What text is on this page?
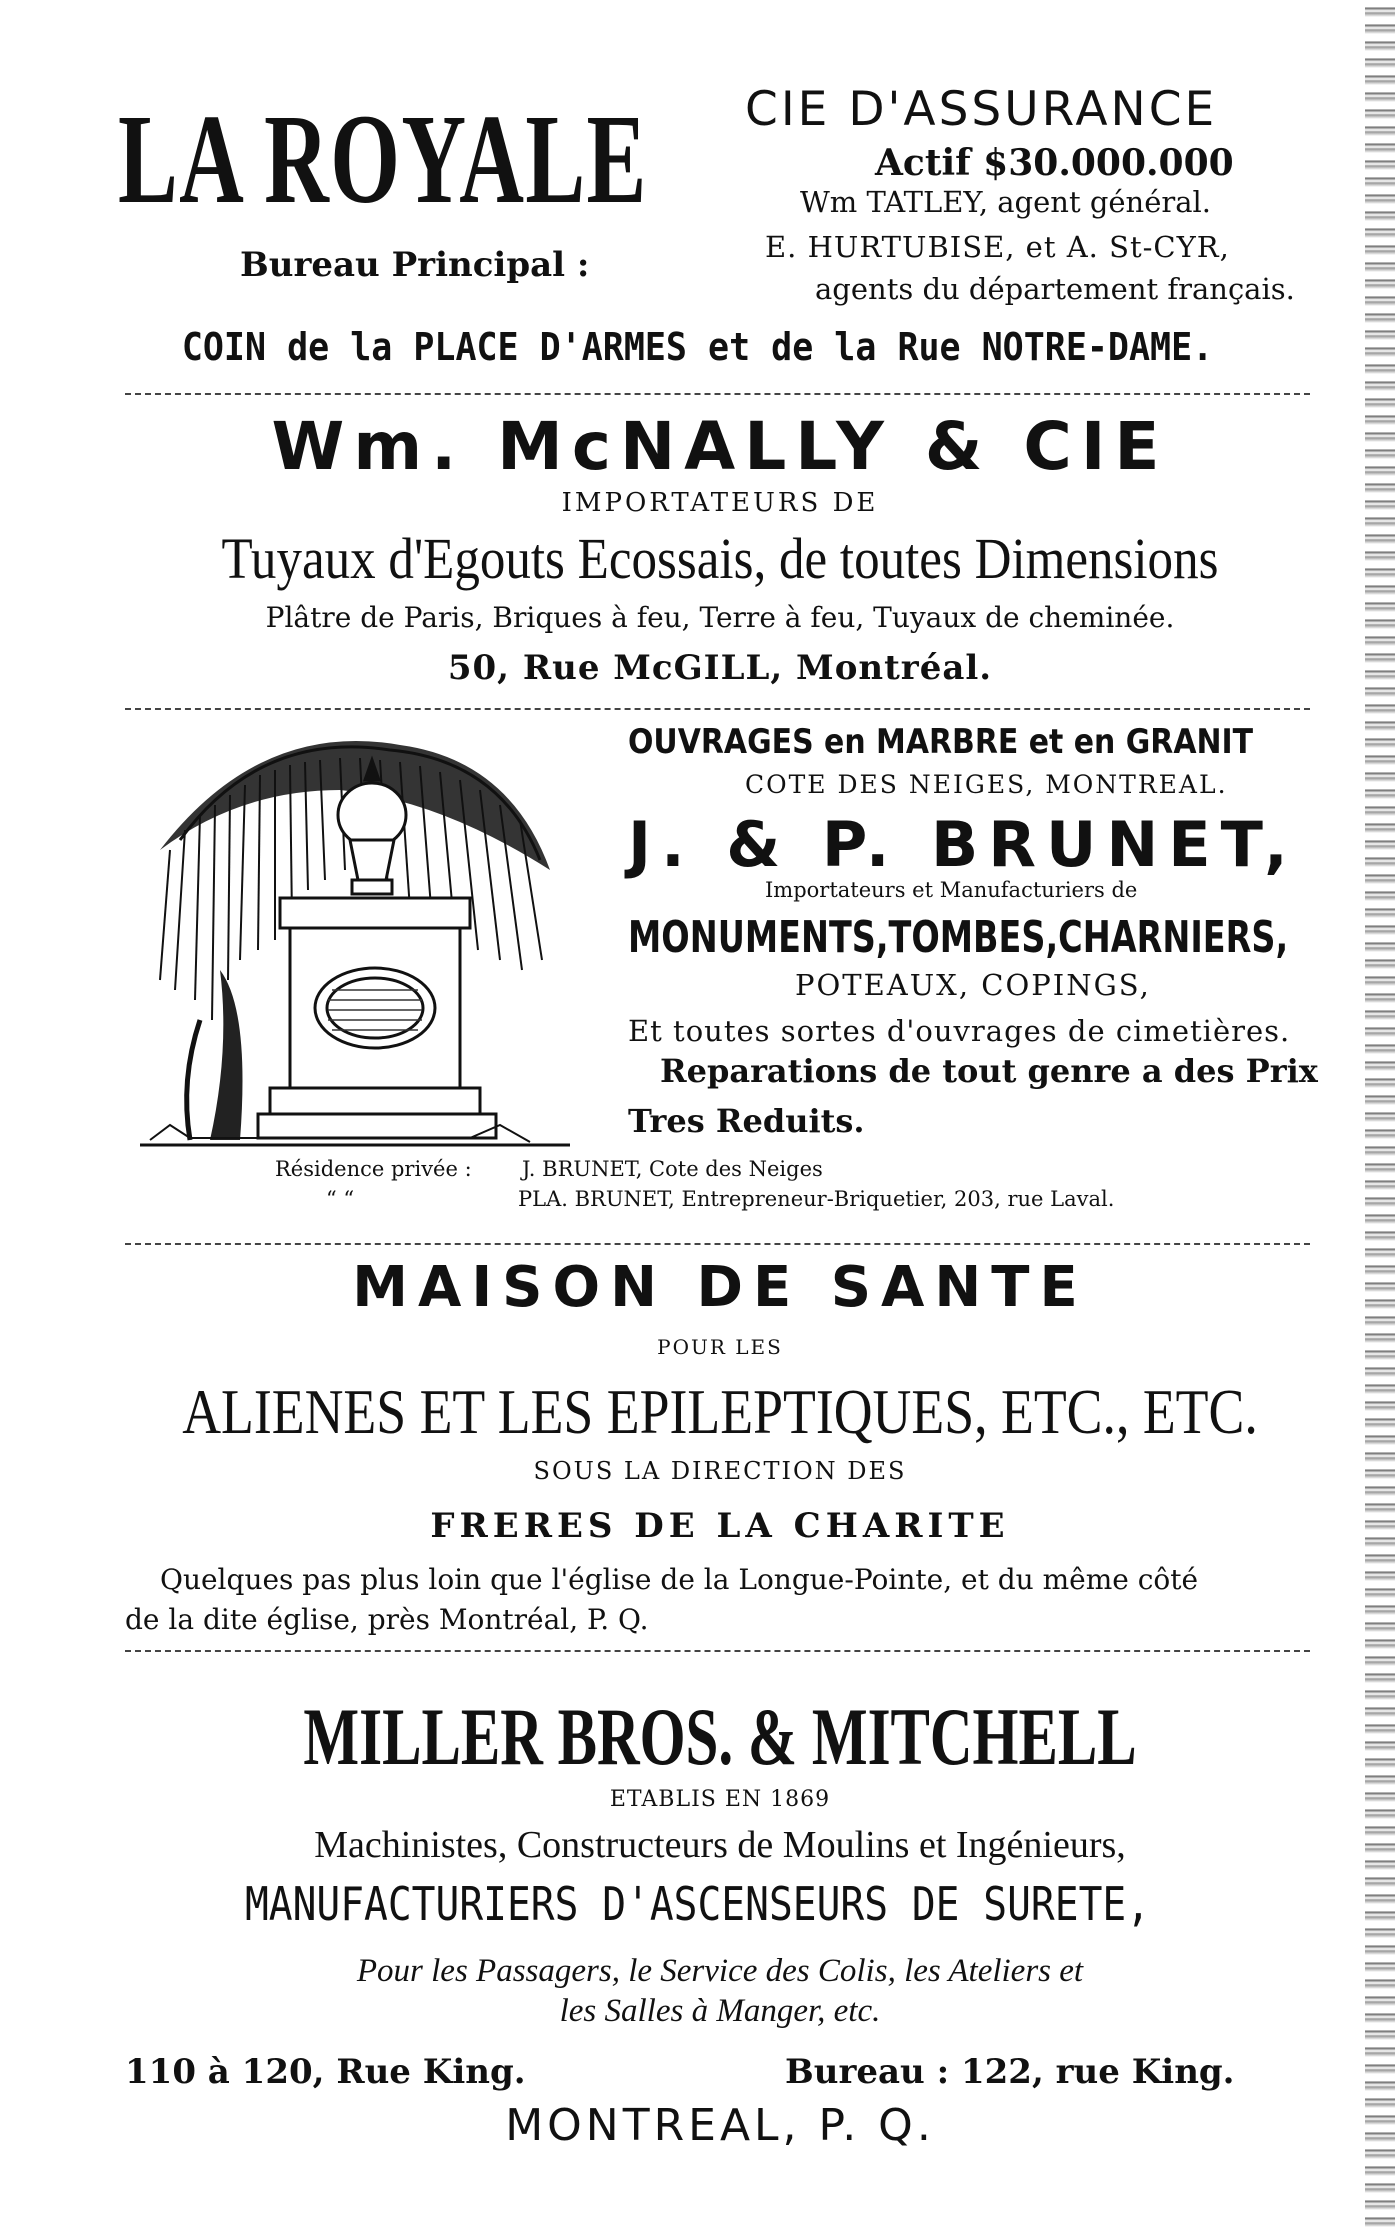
LA ROYALE
Bureau Principal :
CIE D'ASSURANCE
Actif $30.000.000
Wm TATLEY, agent général.
E. HURTUBISE, et A. St-CYR,
agents du département français.
COIN de la PLACE D'ARMES et de la Rue NOTRE-DAME.
Wm. McNALLY & CIE
IMPORTATEURS DE
Tuyaux d'Egouts Ecossais, de toutes Dimensions
Plâtre de Paris, Briques à feu, Terre à feu, Tuyaux de cheminée.
50, Rue McGILL, Montréal.
OUVRAGES en MARBRE et en GRANIT
COTE DES NEIGES, MONTREAL.
J. & P. BRUNET,
Importateurs et Manufacturiers de
MONUMENTS,TOMBES,CHARNIERS,
POTEAUX, COPINGS,
Et toutes sortes d'ouvrages de cimetières.
Reparations de tout genre a des Prix
Tres Reduits.
Résidence privée : J. BRUNET, Cote des Neiges
“ “	PLA. BRUNET, Entrepreneur-Briquetier, 203, rue Laval.
MAISON DE SANTE
POUR LES
ALIENES ET LES EPILEPTIQUES, ETC., ETC.
SOUS LA DIRECTION DES
FRERES DE LA CHARITE
Quelques pas plus loin que l'église de la Longue-Pointe, et du même côté
de la dite église, près Montréal, P. Q.
MILLER BROS. & MITCHELL
ETABLIS EN 1869
Machinistes, Constructeurs de Moulins et Ingénieurs,
MANUFACTURIERS D'ASCENSEURS DE SURETE,
Pour les Passagers, le Service des Colis, les Ateliers et
les Salles à Manger, etc.
110 à 120, Rue King.	Bureau : 122, rue King.
MONTREAL, P. Q.
